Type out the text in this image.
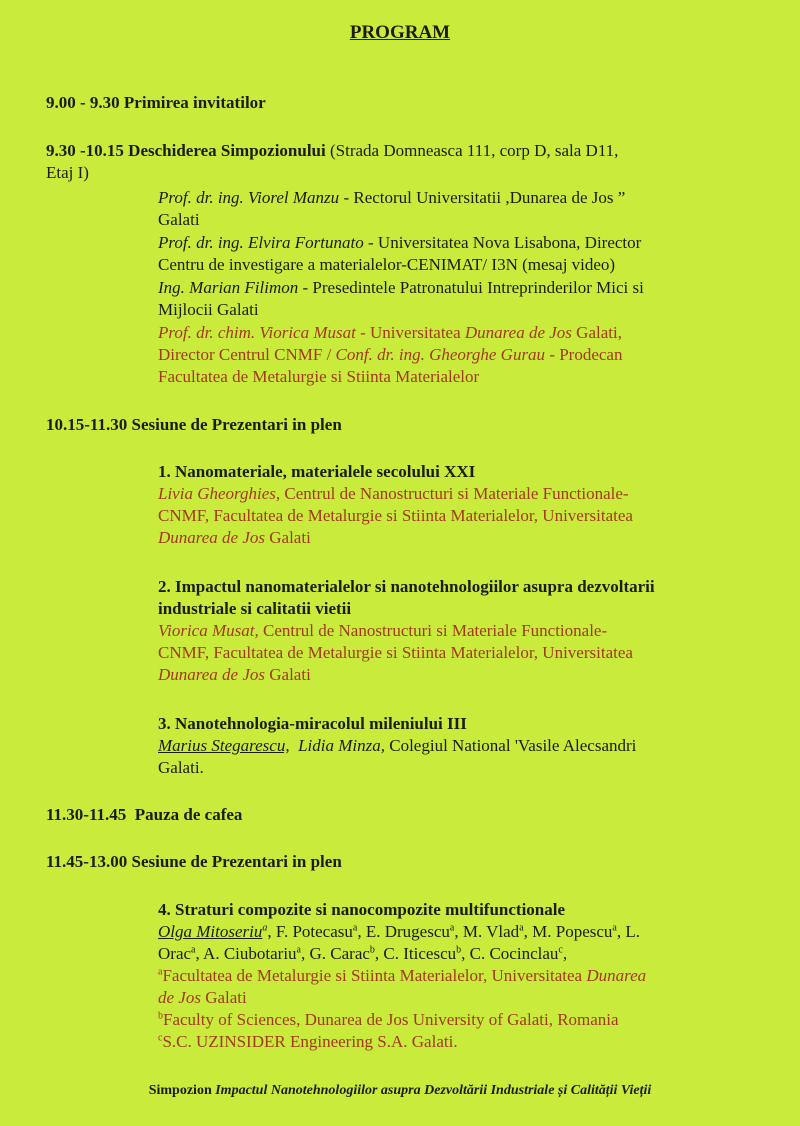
PROGRAM
9.00 - 9.30 Primirea invitatilor
9.30 -10.15 Deschiderea Simpozionului (Strada Domneasca 111, corp D, sala D11,
Etaj I)
Prof. dr. ing. Viorel Manzu - Rectorul Universitatii ,Dunarea de Jos ”
Galati
Prof. dr. ing. Elvira Fortunato - Universitatea Nova Lisabona, Director
Centru de investigare a materialelor-CENIMAT/ I3N (mesaj video)
Ing. Marian Filimon - Presedintele Patronatului Intreprinderilor Mici si
Mijlocii Galati
Prof. dr. chim. Viorica Musat - Universitatea Dunarea de Jos Galati,
Director Centrul CNMF / Conf. dr. ing. Gheorghe Gurau - Prodecan
Facultatea de Metalurgie si Stiinta Materialelor
10.15-11.30 Sesiune de Prezentari in plen
1. Nanomateriale, materialele secolului XXI
Livia Gheorghies, Centrul de Nanostructuri si Materiale Functionale-
CNMF, Facultatea de Metalurgie si Stiinta Materialelor, Universitatea
Dunarea de Jos Galati
2. Impactul nanomaterialelor si nanotehnologiilor asupra dezvoltarii
industriale si calitatii vietii
Viorica Musat, Centrul de Nanostructuri si Materiale Functionale-
CNMF, Facultatea de Metalurgie si Stiinta Materialelor, Universitatea
Dunarea de Jos Galati
3. Nanotehnologia-miracolul mileniului III
Marius Stegarescu, Lidia Minza, Colegiul National 'Vasile Alecsandri
Galati.
11.30-11.45 Pauza de cafea
11.45-13.00 Sesiune de Prezentari in plen
4. Straturi compozite si nanocompozite multifunctionale
Olga Mitoseriu$^a$, F. Potecasu$^a$, E. Drugescu$^a$, M. Vlad$^a$, M. Popescu$^a$, L.
Orac$^a$, A. Ciubotariu$^a$, G. Carac$^b$, C. Iticescu$^b$, C. Cocinclau$^c$,
$^a$Facultatea de Metalurgie si Stiinta Materialelor, Universitatea Dunarea
de Jos Galati
$^b$Faculty of Sciences, Dunarea de Jos University of Galati, Romania
$^c$S.C. UZINSIDER Engineering S.A. Galati.
Simpozion Impactul Nanotehnologiilor asupra Dezvoltării Industriale și Calității Vieții
